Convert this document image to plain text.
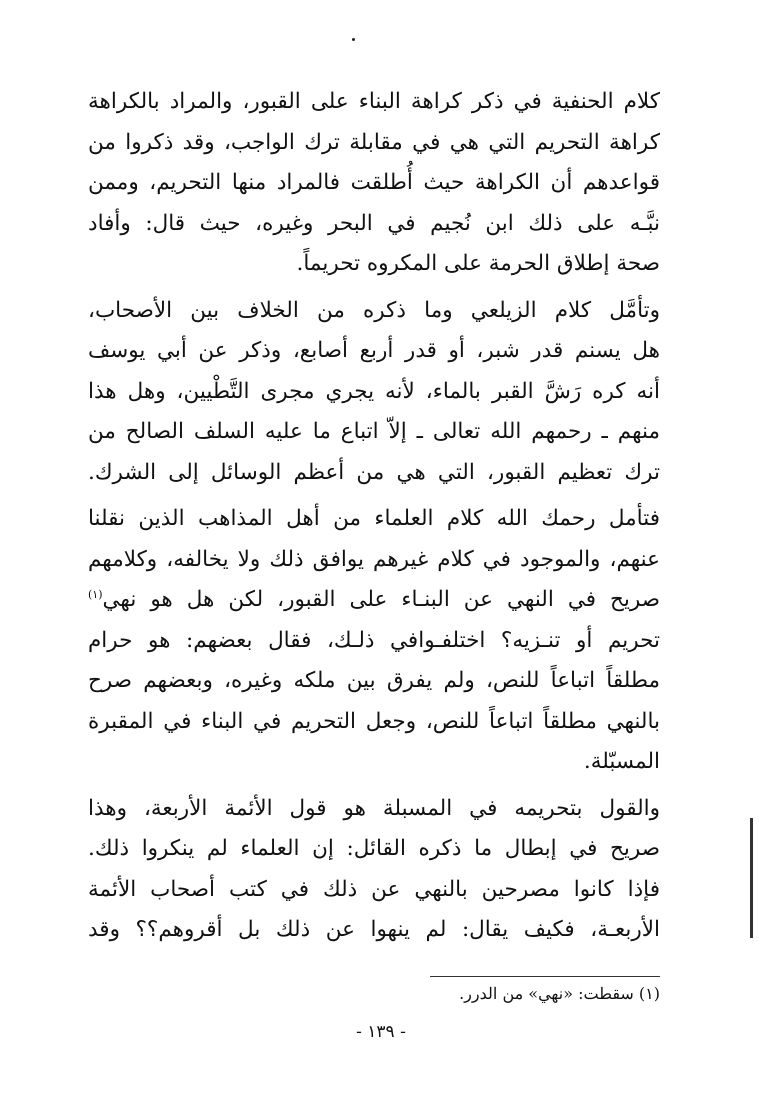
كلام الحنفية في ذكر كراهة البناء على القبور، والمراد بالكراهة
كراهة التحريم التي هي في مقابلة ترك الواجب، وقد ذكروا من
قواعدهم أن الكراهة حيث أُطلقت فالمراد منها التحريم، وممن
نبَّـه على ذلك ابن نُجيم في البحر وغيره، حيث قال: وأفاد
صحة إطلاق الحرمة على المكروه تحريماً.

وتأمَّل كلام الزيلعي وما ذكره من الخلاف بين الأصحاب،
هل يسنم قدر شبر، أو قدر أربع أصابع، وذكر عن أبي يوسف
أنه كره رَشَّ القبر بالماء، لأنه يجري مجرى التَّطْيين، وهل هذا
منهم ـ رحمهم الله تعالى ـ إلاّ اتباع ما عليه السلف الصالح من
ترك تعظيم القبور، التي هي من أعظم الوسائل إلى الشرك.

فتأمل رحمك الله كلام العلماء من أهل المذاهب الذين نقلنا
عنهم، والموجود في كلام غيرهم يوافق ذلك ولا يخالفه، وكلامهم
صريح في النهي عن البنـاء على القبور، لكن هل هو نهي$^{(١)}$
تحريم أو تنـزيه؟ اختلفـوافي ذلـك، فقال بعضهم: هو حرام
مطلقاً اتباعاً للنص، ولم يفرق بين ملكه وغيره، وبعضهم صرح
بالنهي مطلقاً اتباعاً للنص، وجعل التحريم في البناء في المقبرة
المسبّلة.

والقول بتحريمه في المسبلة هو قول الأئمة الأربعة، وهذا
صريح في إبطال ما ذكره القائل: إن العلماء لم ينكروا ذلك.
فإذا كانوا مصرحين بالنهي عن ذلك في كتب أصحاب الأئمة
الأربعـة، فكيف يقال: لم ينهوا عن ذلك بل أقروهم؟؟ وقد

(١) سقطت: «نهي» من الدرر.
- ١٣٩ -
